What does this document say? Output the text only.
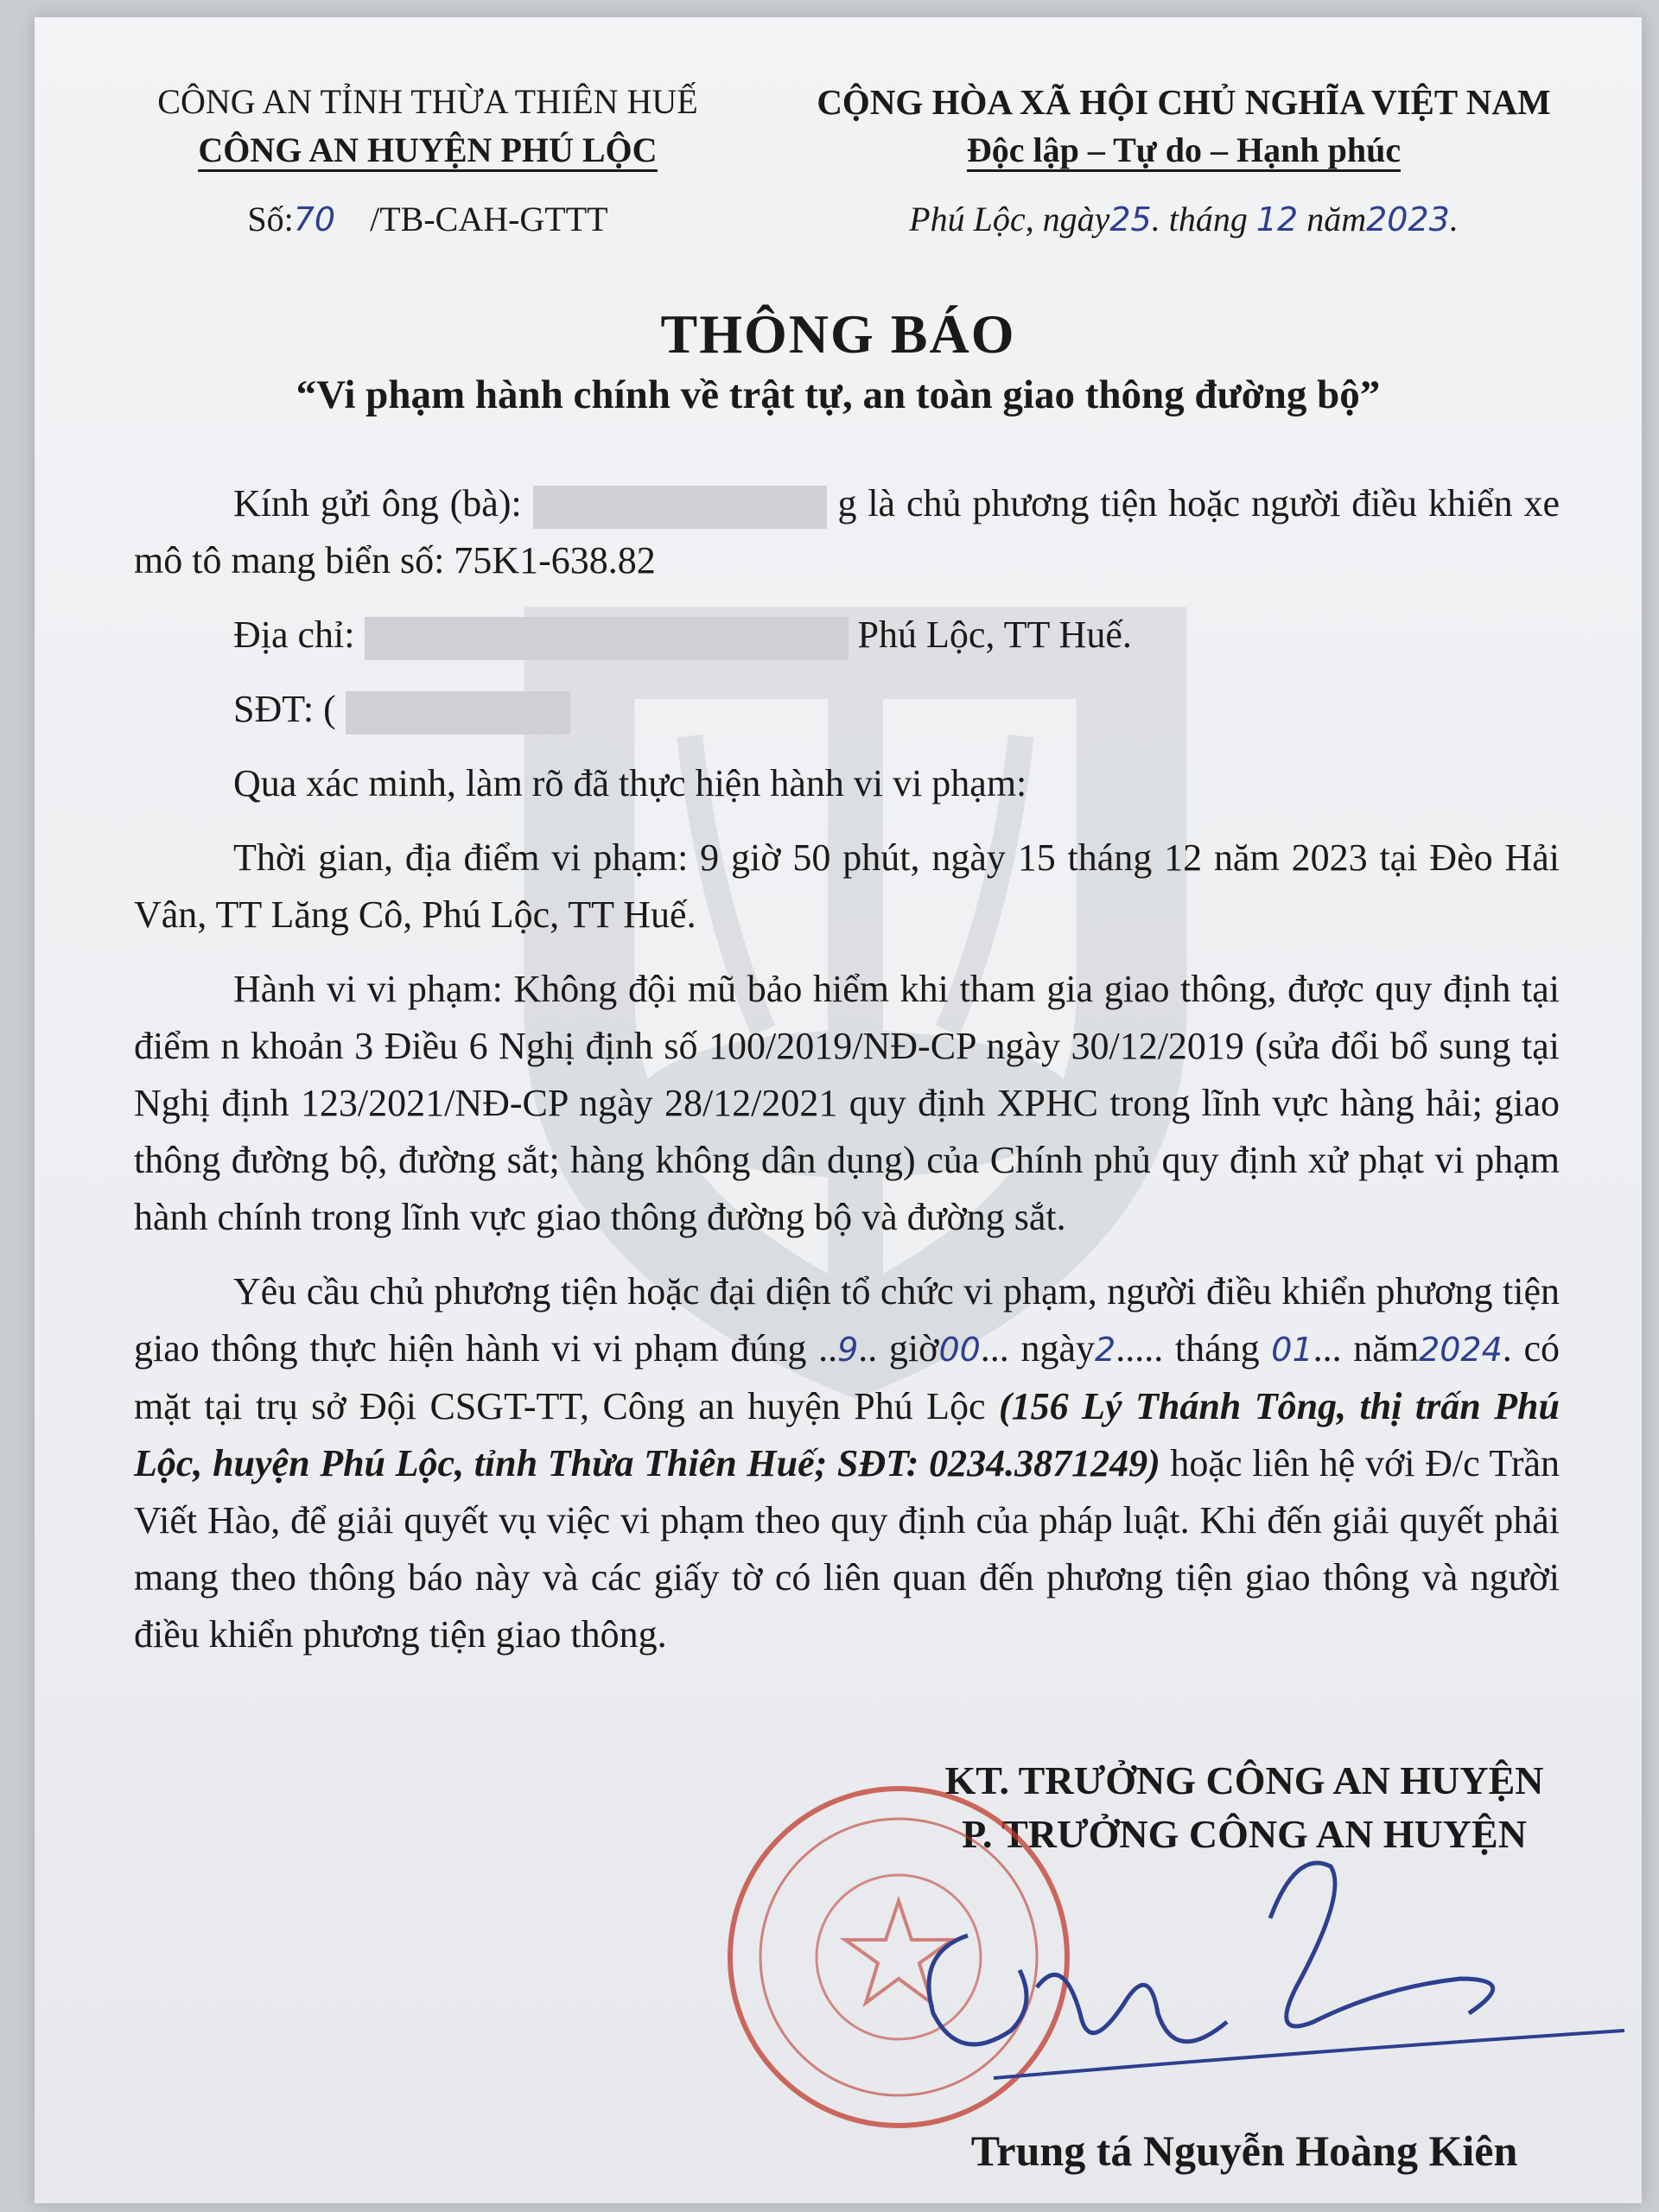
CÔNG AN TỈNH THỪA THIÊN HUẾ
CÔNG AN HUYỆN PHÚ LỘC
Số:70 /TB-CAH-GTTT
CỘNG HÒA XÃ HỘI CHỦ NGHĨA VIỆT NAM
Độc lập – Tự do – Hạnh phúc
Phú Lộc, ngày25. tháng 12 năm2023.
THÔNG BÁO
“Vi phạm hành chính về trật tự, an toàn giao thông đường bộ”

Kính gửi ông (bà):	g là chủ phương tiện hoặc người điều khiển xe mô tô mang biển số: 75K1-638.82

Địa chỉ:	Phú Lộc, TT Huế.

SĐT: (

Qua xác minh, làm rõ đã thực hiện hành vi vi phạm:

Thời gian, địa điểm vi phạm: 9 giờ 50 phút, ngày 15 tháng 12 năm 2023 tại Đèo Hải Vân, TT Lăng Cô, Phú Lộc, TT Huế.

Hành vi vi phạm: Không đội mũ bảo hiểm khi tham gia giao thông, được quy định tại điểm n khoản 3 Điều 6 Nghị định số 100/2019/NĐ-CP ngày 30/12/2019 (sửa đổi bổ sung tại Nghị định 123/2021/NĐ-CP ngày 28/12/2021 quy định XPHC trong lĩnh vực hàng hải; giao thông đường bộ, đường sắt; hàng không dân dụng) của Chính phủ quy định xử phạt vi phạm hành chính trong lĩnh vực giao thông đường bộ và đường sắt.

Yêu cầu chủ phương tiện hoặc đại diện tổ chức vi phạm, người điều khiển phương tiện giao thông thực hiện hành vi vi phạm đúng ..9.. giờ00... ngày2..... tháng 01... năm2024. có mặt tại trụ sở Đội CSGT-TT, Công an huyện Phú Lộc (156 Lý Thánh Tông, thị trấn Phú Lộc, huyện Phú Lộc, tỉnh Thừa Thiên Huế; SĐT: 0234.3871249) hoặc liên hệ với Đ/c Trần Viết Hào, để giải quyết vụ việc vi phạm theo quy định của pháp luật. Khi đến giải quyết phải mang theo thông báo này và các giấy tờ có liên quan đến phương tiện giao thông và người điều khiển phương tiện giao thông.

KT. TRƯỞNG CÔNG AN HUYỆN
P. TRƯỞNG CÔNG AN HUYỆN
Trung tá Nguyễn Hoàng Kiên
